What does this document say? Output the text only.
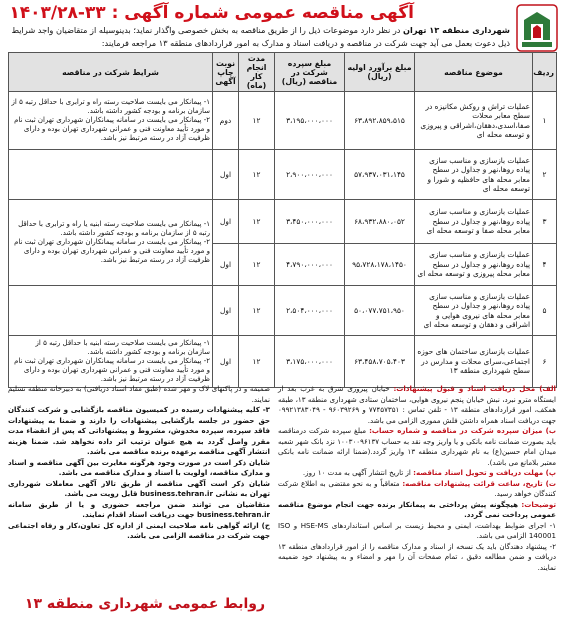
آگهی مناقصه عمومی شماره آگهی : ۳۳-۱۴۰۳/۲۸
شهرداری منطقه ۱۳ تهران در نظر دارد موضوعات ذیل را از طریق مناقصه به بخش خصوصی واگذار نماید؛ بدینوسیله از متقاضیان واجد شرایط ذیل دعوت بعمل می آید جهت شرکت در مناقصه و دریافت اسناد و مدارک به امور قراردادهای منطقه ۱۳ مراجعه فرمایند:
ردیف	موضوع مناقصه	مبلغ برآورد اولیه (ریال)	مبلغ سپرده شرکت در مناقصه (ریال)	مدت انجام کار (ماه)	نوبت چاپ آگهی	شرایط شرکت در مناقصه
۱	عملیات تراش و روکش مکانیزه در سطح معابر محلات صفا،اسدی،دهقان،اشراقی و پیروزی و توسعه محله ای	۶۳،۸۹۲،۸۵۹،۵۱۵	۳،۱۹۵،۰۰۰،۰۰۰	۱۲	دوم	۱- پیمانکار می بایست صلاحیت رسته راه و ترابری با حداقل رتبه ۵ از سازمان برنامه و بودجه کشور داشته باشد.
۲- پیمانکار می بایست در سامانه پیمانکاران شهرداری تهران ثبت نام و مورد تأیید معاونت فنی و عمرانی شهرداری تهران بوده و دارای ظرفیت آزاد در رسته مرتبط نیز باشد.
۲	عملیات بازسازی و مناسب سازی پیاده روها،نهر و جداول در سطح معابر محله های حافظیه و شورا و توسعه محله ای	۵۷،۹۳۷،۰۳۱،۱۴۵	۲،۹۰۰،۰۰۰،۰۰۰	۱۲	اول	
۳	عملیات بازسازی و مناسب سازی پیاده روها،نهر و جداول در سطح معابر محله صفا و توسعه محله ای	۶۸،۹۳۲،۸۸۰،۰۵۲	۳،۴۵۰،۰۰۰،۰۰۰	۱۲	اول	۱- پیمانکار می بایست صلاحیت رسته ابنیه یا راه و ترابری با حداقل رتبه ۵ از سازمان برنامه و بودجه کشور داشته باشد.
۲- پیمانکار می بایست در سامانه پیمانکاران شهرداری تهران ثبت نام و مورد تأیید معاونت فنی و عمرانی شهرداری تهران بوده و دارای ظرفیت آزاد در رسته مرتبط نیز باشد.
۴	عملیات بازسازی و مناسب سازی پیاده روها،نهر و جداول در سطح معابر محله پیروزی و توسعه محله ای	۹۵،۷۲۸،۱۷۸،۱۴۵۰	۴،۷۹۰،۰۰۰،۰۰۰	۱۲	اول	
۵	عملیات بازسازی و مناسب سازی پیاده روها،نهر و جداول در سطح معابر محله های نیروی هوایی و اشراقی و دهقان و توسعه محله ای	۵۰،۰۷۷،۷۵۱،۹۵۰	۲،۵۰۴،۰۰۰،۰۰۰	۱۲	اول	
۶	عملیات بازسازی ساختمان های حوزه اجتماعی،سرای محلات و مدارس در سطح شهرداری منطقه ۱۳	۶۳،۴۵۸،۷۰۵،۴۰۳	۳،۱۷۵،۰۰۰،۰۰۰	۱۲	اول	۱- پیمانکار می بایست صلاحیت رسته ابنیه با حداقل رتبه ۵ از سازمان برنامه و بودجه کشور داشته باشد.
۲- پیمانکار می بایست در سامانه پیمانکاران شهرداری تهران ثبت نام و مورد تأیید معاونت فنی و عمرانی شهرداری تهران بوده و دارای ظرفیت آزاد در رسته مرتبط نیز باشد.
الف) محل دریافت اسناد و قبول پیشنهادات: خیابان پیروزی شرق به غرب بعد از ایستگاه مترو نبرد، نبش خیابان پنجم نیروی هوایی، ساختمان ستادی شهرداری منطقه ۱۳، طبقه همکف، امور قراردادهای منطقه ۱۳ - تلفن تماس : ۷۷۴۵۷۳۵۱ و ۹۶۰۳۹۲۶۹ - ۰۹۹۲۱۳۸۳۰۴۹ جهت دریافت اسناد همراه داشتن فلش مموری الزامی می باشد.
ب) میزان سپرده شرکت در مناقصه و شماره حساب: مبلغ سپرده شرکت درمناقصه باید بصورت ضمانت نامه بانکی و یا واریز وجه نقد به حساب ۱۰۰۳۰۰۹۶۱۳۷ نزد بانک شهر شعبه میدان امام حسین(ع) به نام شهرداری منطقه ۱۳ واریز گردد.(ضمنا ارائه ضمانت نامه بانکی معتبر بلامانع می باشد).
پ) مهلت دریافت و تحویل اسناد مناقصه: از تاریخ انتشار آگهی به مدت ۱۰ روز.
ت) تاریخ، ساعت قرائت پیشنهادات مناقصه: متعاقباً و به نحو مقتضی به اطلاع شرکت کنندگان خواهد رسید.
توضیحات: هیچگونه پیش پرداختی به پیمانکار برنده جهت انجام موضوع مناقصه عمومی پرداخت نمی گردد.
۱- اجرای ضوابط بهداشت، ایمنی و محیط زیست بر اساس استانداردهای HSE-MS و ISO 140001 الزامی می باشد.
۲- پیشنهاد دهندگان باید یک نسخه از اسناد و مدارک مناقصه را از امور قراردادهای منطقه ۱۳ دریافت و ضمن مطالعه دقیق ، تمام صفحات آن را مهر و امضاء و به پیشنهاد خود ضمیمه نمایند.
ضمیمه و در پاکتهای لاک و مهر شده (طبق مفاد اسناد دریافتی) به دبیرخانه منطقه تسلیم نمایند.
۳- کلیه پیشنهادات رسیده در کمیسیون مناقصه بازگشایی و شرکت کنندگان حق حضور در جلسه بازگشایی پیشنهادات را دارند و ضمنا به پیشنهادات فاقد سپرده، سپرده مخدوش، مشروط و پیشنهاداتی که پس از انقضاء مدت مقرر واصل گردد به هیچ عنوان ترتیب اثر داده نخواهد شد. ضمنا هزینه انتشار آگهی مناقصه برعهده برنده مناقصه می باشد.
شایان ذکر است در صورت وجود هرگونه مغایرت بین آگهی مناقصه و اسناد و مدارک مناقصه، اولویت با اسناد و مدارک مناقصه می باشد.
شایان ذکر است آگهی مناقصه از طریق تالار آگهی معاملات شهرداری تهران به نشانی business.tehran.ir قابل رویت می باشد.
متقاضیان می توانند ضمن مراجعه حضوری و یا از طریق سامانه business.tehran.ir جهت دریافت اسناد اقدام نمایند.
ح) ارائه گواهی نامه صلاحیت ایمنی از اداره کل تعاون،کار و رفاه اجتماعی جهت شرکت در مناقصه الزامی می باشد.
روابط عمومی شهرداری منطقه ۱۳
